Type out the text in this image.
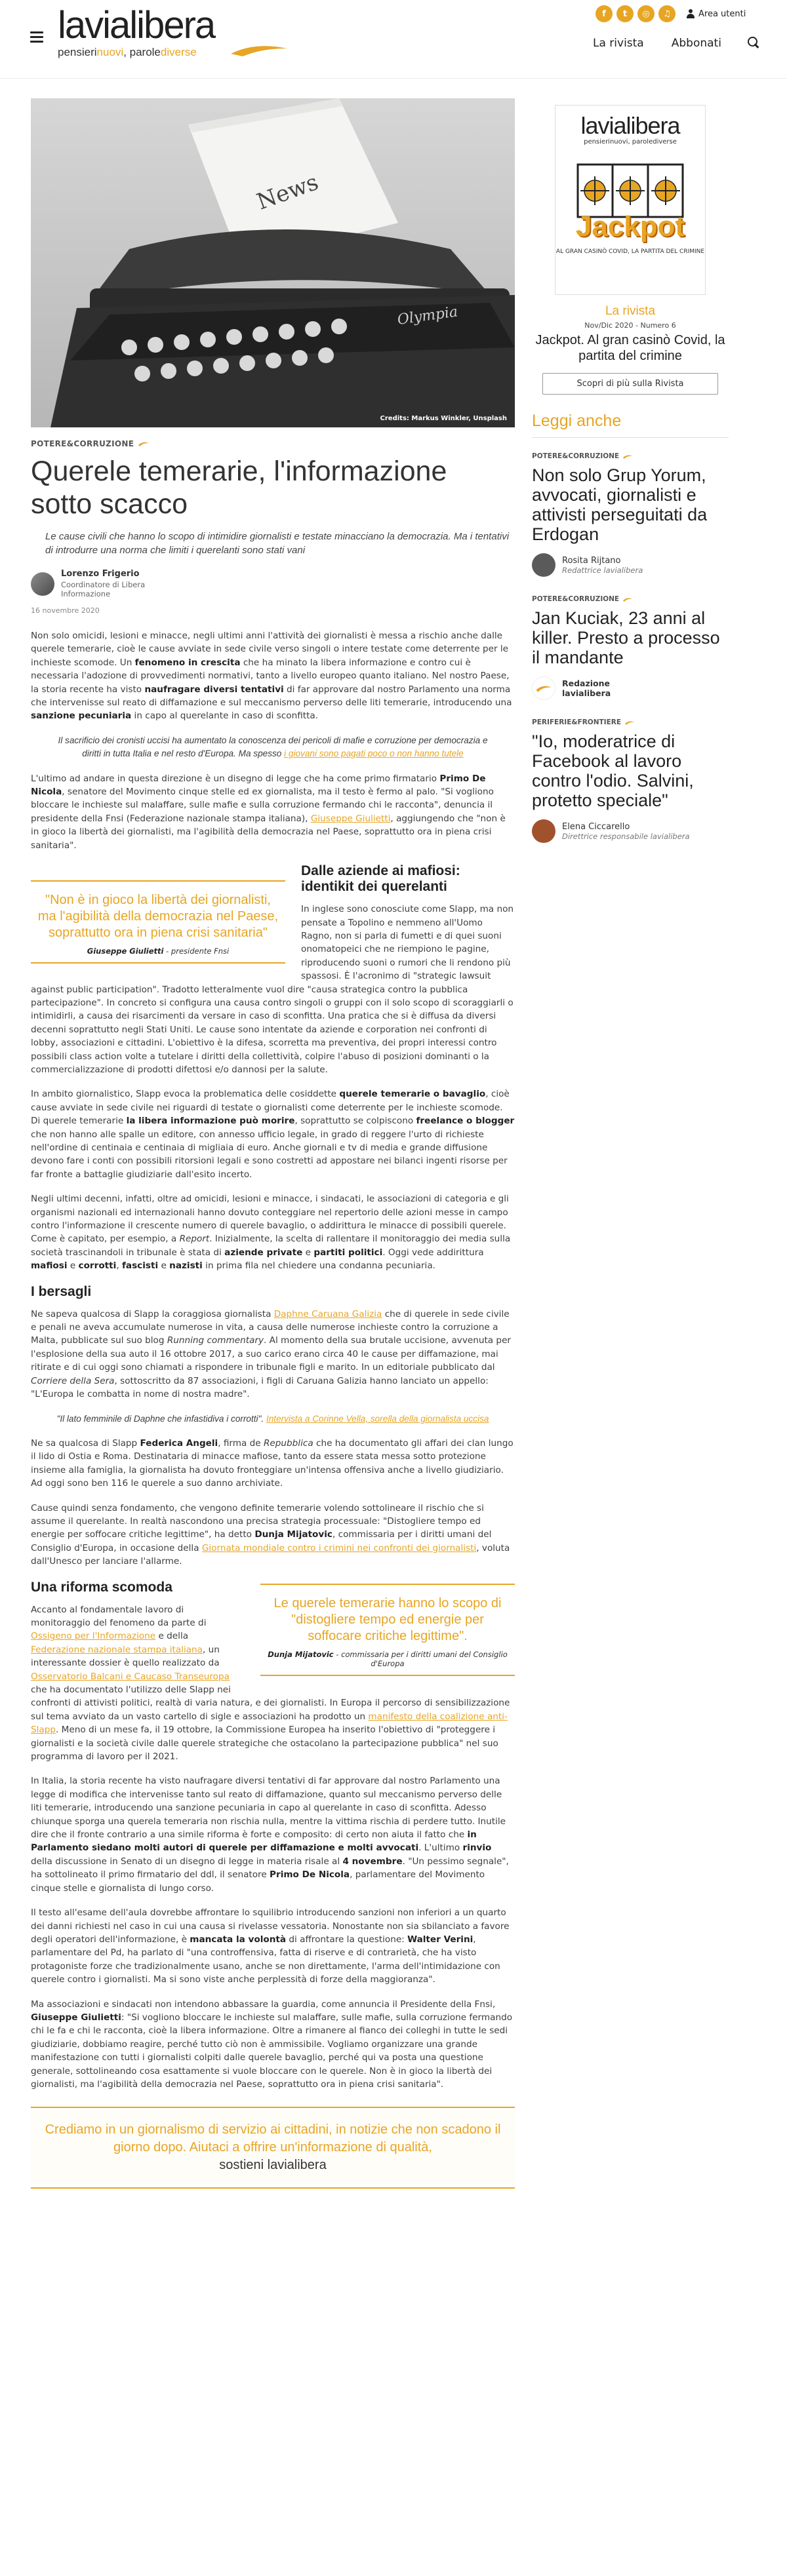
lavialibera
pensierinuovi, parolediverse
f	t	◎	♫	Area utenti
La rivista Abbonati
News
Olympia
Credits: Markus Winkler, Unsplash
POTERE&CORRUZIONE
Querele temerarie, l'informazione sotto scacco

Le cause civili che hanno lo scopo di intimidire giornalisti e testate minacciano la democrazia. Ma i tentativi di introdurre una norma che limiti i querelanti sono stati vani

Lorenzo Frigerio
Coordinatore di Libera Informazione
16 novembre 2020

Non solo omicidi, lesioni e minacce, negli ultimi anni l'attività dei giornalisti è messa a rischio anche dalle querele temerarie, cioè le cause avviate in sede civile verso singoli o intere testate come deterrente per le inchieste scomode. Un fenomeno in crescita che ha minato la libera informazione e contro cui è necessaria l'adozione di provvedimenti normativi, tanto a livello europeo quanto italiano. Nel nostro Paese, la storia recente ha visto naufragare diversi tentativi di far approvare dal nostro Parlamento una norma che intervenisse sul reato di diffamazione e sul meccanismo perverso delle liti temerarie, introducendo una sanzione pecuniaria in capo al querelante in caso di sconfitta.

Il sacrificio dei cronisti uccisi ha aumentato la conoscenza dei pericoli di mafie e corruzione per democrazia e diritti in tutta Italia e nel resto d'Europa. Ma spesso i giovani sono pagati poco o non hanno tutele

L'ultimo ad andare in questa direzione è un disegno di legge che ha come primo firmatario Primo De Nicola, senatore del Movimento cinque stelle ed ex giornalista, ma il testo è fermo al palo. "Si vogliono bloccare le inchieste sul malaffare, sulle mafie e sulla corruzione fermando chi le racconta", denuncia il presidente della Fnsi (Federazione nazionale stampa italiana), Giuseppe Giulietti, aggiungendo che "non è in gioco la libertà dei giornalisti, ma l'agibilità della democrazia nel Paese, soprattutto ora in piena crisi sanitaria".

"Non è in gioco la libertà dei giornalisti, ma l'agibilità della democrazia nel Paese, soprattutto ora in piena crisi sanitaria"
Giuseppe Giulietti - presidente Fnsi
Dalle aziende ai mafiosi: identikit dei querelanti

In inglese sono conosciute come Slapp, ma non pensate a Topolino e nemmeno all'Uomo Ragno, non si parla di fumetti e di quei suoni onomatopeici che ne riempiono le pagine, riproducendo suoni o rumori che li rendono più spassosi. È l'acronimo di "strategic lawsuit against public participation". Tradotto letteralmente vuol dire "causa strategica contro la pubblica partecipazione". In concreto si configura una causa contro singoli o gruppi con il solo scopo di scoraggiarli o intimidirli, a causa dei risarcimenti da versare in caso di sconfitta. Una pratica che si è diffusa da diversi decenni soprattutto negli Stati Uniti. Le cause sono intentate da aziende e corporation nei confronti di lobby, associazioni e cittadini. L'obiettivo è la difesa, scorretta ma preventiva, dei propri interessi contro possibili class action volte a tutelare i diritti della collettività, colpire l'abuso di posizioni dominanti o la commercializzazione di prodotti difettosi e/o dannosi per la salute.

In ambito giornalistico, Slapp evoca la problematica delle cosiddette querele temerarie o bavaglio, cioè cause avviate in sede civile nei riguardi di testate o giornalisti come deterrente per le inchieste scomode. Di querele temerarie la libera informazione può morire, soprattutto se colpiscono freelance o blogger che non hanno alle spalle un editore, con annesso ufficio legale, in grado di reggere l'urto di richieste nell'ordine di centinaia e centinaia di migliaia di euro. Anche giornali e tv di media e grande diffusione devono fare i conti con possibili ritorsioni legali e sono costretti ad appostare nei bilanci ingenti risorse per far fronte a battaglie giudiziarie dall'esito incerto.

Negli ultimi decenni, infatti, oltre ad omicidi, lesioni e minacce, i sindacati, le associazioni di categoria e gli organismi nazionali ed internazionali hanno dovuto conteggiare nel repertorio delle azioni messe in campo contro l'informazione il crescente numero di querele bavaglio, o addirittura le minacce di possibili querele. Come è capitato, per esempio, a Report. Inizialmente, la scelta di rallentare il monitoraggio dei media sulla società trascinandoli in tribunale è stata di aziende private e partiti politici. Oggi vede addirittura mafiosi e corrotti, fascisti e nazisti in prima fila nel chiedere una condanna pecuniaria.

I bersagli

Ne sapeva qualcosa di Slapp la coraggiosa giornalista Daphne Caruana Galizia che di querele in sede civile e penali ne aveva accumulate numerose in vita, a causa delle numerose inchieste contro la corruzione a Malta, pubblicate sul suo blog Running commentary. Al momento della sua brutale uccisione, avvenuta per l'esplosione della sua auto il 16 ottobre 2017, a suo carico erano circa 40 le cause per diffamazione, mai ritirate e di cui oggi sono chiamati a rispondere in tribunale figli e marito. In un editoriale pubblicato dal Corriere della Sera, sottoscritto da 87 associazioni, i figli di Caruana Galizia hanno lanciato un appello: "L'Europa le combatta in nome di nostra madre".

"Il lato femminile di Daphne che infastidiva i corrotti". Intervista a Corinne Vella, sorella della giornalista uccisa

Ne sa qualcosa di Slapp Federica Angeli, firma de Repubblica che ha documentato gli affari dei clan lungo il lido di Ostia e Roma. Destinataria di minacce mafiose, tanto da essere stata messa sotto protezione insieme alla famiglia, la giornalista ha dovuto fronteggiare un'intensa offensiva anche a livello giudiziario. Ad oggi sono ben 116 le querele a suo danno archiviate.

Cause quindi senza fondamento, che vengono definite temerarie volendo sottolineare il rischio che si assume il querelante. In realtà nascondono una precisa strategia processuale: "Distogliere tempo ed energie per soffocare critiche legittime", ha detto Dunja Mijatovic, commissaria per i diritti umani del Consiglio d'Europa, in occasione della Giornata mondiale contro i crimini nei confronti dei giornalisti, voluta dall'Unesco per lanciare l'allarme.

Le querele temerarie hanno lo scopo di "distogliere tempo ed energie per soffocare critiche legittime".
Dunja Mijatovic - commissaria per i diritti umani del Consiglio d'Europa
Una riforma scomoda

Accanto al fondamentale lavoro di monitoraggio del fenomeno da parte di Ossigeno per l'Informazione e della Federazione nazionale stampa italiana, un interessante dossier è quello realizzato da Osservatorio Balcani e Caucaso Transeuropa che ha documentato l'utilizzo delle Slapp nei confronti di attivisti politici, realtà di varia natura, e dei giornalisti. In Europa il percorso di sensibilizzazione sul tema avviato da un vasto cartello di sigle e associazioni ha prodotto un manifesto della coalizione anti-Slapp. Meno di un mese fa, il 19 ottobre, la Commissione Europea ha inserito l'obiettivo di "proteggere i giornalisti e la società civile dalle querele strategiche che ostacolano la partecipazione pubblica" nel suo programma di lavoro per il 2021.

In Italia, la storia recente ha visto naufragare diversi tentativi di far approvare dal nostro Parlamento una legge di modifica che intervenisse tanto sul reato di diffamazione, quanto sul meccanismo perverso delle liti temerarie, introducendo una sanzione pecuniaria in capo al querelante in caso di sconfitta. Adesso chiunque sporga una querela temeraria non rischia nulla, mentre la vittima rischia di perdere tutto. Inutile dire che il fronte contrario a una simile riforma è forte e composito: di certo non aiuta il fatto che in Parlamento siedano molti autori di querele per diffamazione e molti avvocati. L'ultimo rinvio della discussione in Senato di un disegno di legge in materia risale al 4 novembre. "Un pessimo segnale", ha sottolineato il primo firmatario del ddl, il senatore Primo De Nicola, parlamentare del Movimento cinque stelle e giornalista di lungo corso.

Il testo all'esame dell'aula dovrebbe affrontare lo squilibrio introducendo sanzioni non inferiori a un quarto dei danni richiesti nel caso in cui una causa si rivelasse vessatoria. Nonostante non sia sbilanciato a favore degli operatori dell'informazione, è mancata la volontà di affrontare la questione: Walter Verini, parlamentare del Pd, ha parlato di "una controffensiva, fatta di riserve e di contrarietà, che ha visto protagoniste forze che tradizionalmente usano, anche se non direttamente, l'arma dell'intimidazione con querele contro i giornalisti. Ma si sono viste anche perplessità di forze della maggioranza".

Ma associazioni e sindacati non intendono abbassare la guardia, come annuncia il Presidente della Fnsi, Giuseppe Giulietti: "Si vogliono bloccare le inchieste sul malaffare, sulle mafie, sulla corruzione fermando chi le fa e chi le racconta, cioè la libera informazione. Oltre a rimanere al fianco dei colleghi in tutte le sedi giudiziarie, dobbiamo reagire, perché tutto ciò non è ammissibile. Vogliamo organizzare una grande manifestazione con tutti i giornalisti colpiti dalle querele bavaglio, perché qui va posta una questione generale, sottolineando cosa esattamente si vuole bloccare con le querele. Non è in gioco la libertà dei giornalisti, ma l'agibilità della democrazia nel Paese, soprattutto ora in piena crisi sanitaria".

Crediamo in un giornalismo di servizio ai cittadini, in notizie che non scadono il giorno dopo. Aiutaci a offrire un'informazione di qualità,
sostieni lavialibera
lavialibera
pensierinuovi, parolediverse
Jackpot
AL GRAN CASINÒ COVID, LA PARTITA DEL CRIMINE
La rivista
Nov/Dic 2020 - Numero 6
Jackpot. Al gran casinò Covid, la partita del crimine
Scopri di più sulla Rivista
Leggi anche
POTERE&CORRUZIONE
Non solo Grup Yorum, avvocati, giornalisti e attivisti perseguitati da Erdogan
Rosita Rijtano
Redattrice lavialibera
POTERE&CORRUZIONE
Jan Kuciak, 23 anni al killer. Presto a processo il mandante
Redazione lavialibera
PERIFERIE&FRONTIERE
"Io, moderatrice di Facebook al lavoro contro l'odio. Salvini, protetto speciale"
Elena Ciccarello
Direttrice responsabile lavialibera
